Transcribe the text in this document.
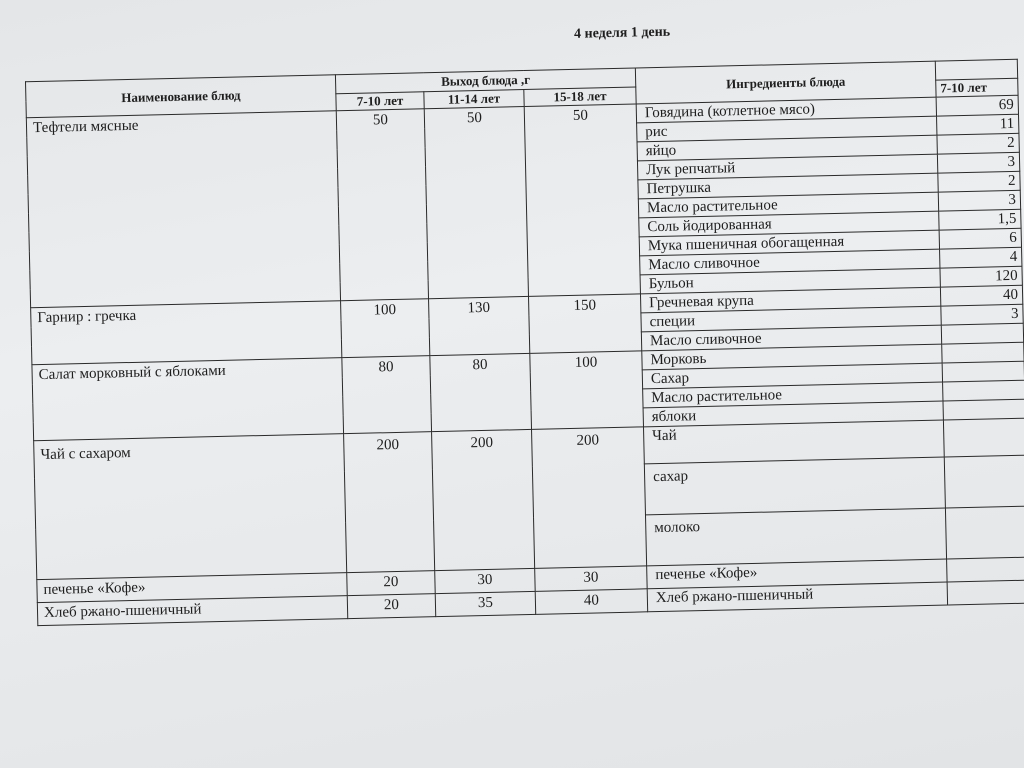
4 неделя 1 день
Наименование блюд	Выход блюда ,г			Ингредиенты блюда	
	7-10 лет	11-14 лет	15-18 лет		7-10 лет
Тефтели мясные	50	50	50	Говядина (котлетное мясо)	69
				рис	11
				яйцо	2
				Лук репчатый	3
				Петрушка	2
				Масло растительное	3
				Соль йодированная	1,5
				Мука пшеничная обогащенная	6
				Масло сливочное	4
				Бульон	120
Гарнир : гречка	100	130	150	Гречневая крупа	40
				специи	3
				Масло сливочное	
Салат морковный с яблоками	80	80	100	Морковь	
				Сахар	
				Масло растительное	
				яблоки	
Чай с сахаром	200	200	200	Чай	
				сахар	
				молоко	
печенье «Кофе»	20	30	30	печенье «Кофе»	
Хлеб ржано-пшеничный	20	35	40	Хлеб ржано-пшеничный	
